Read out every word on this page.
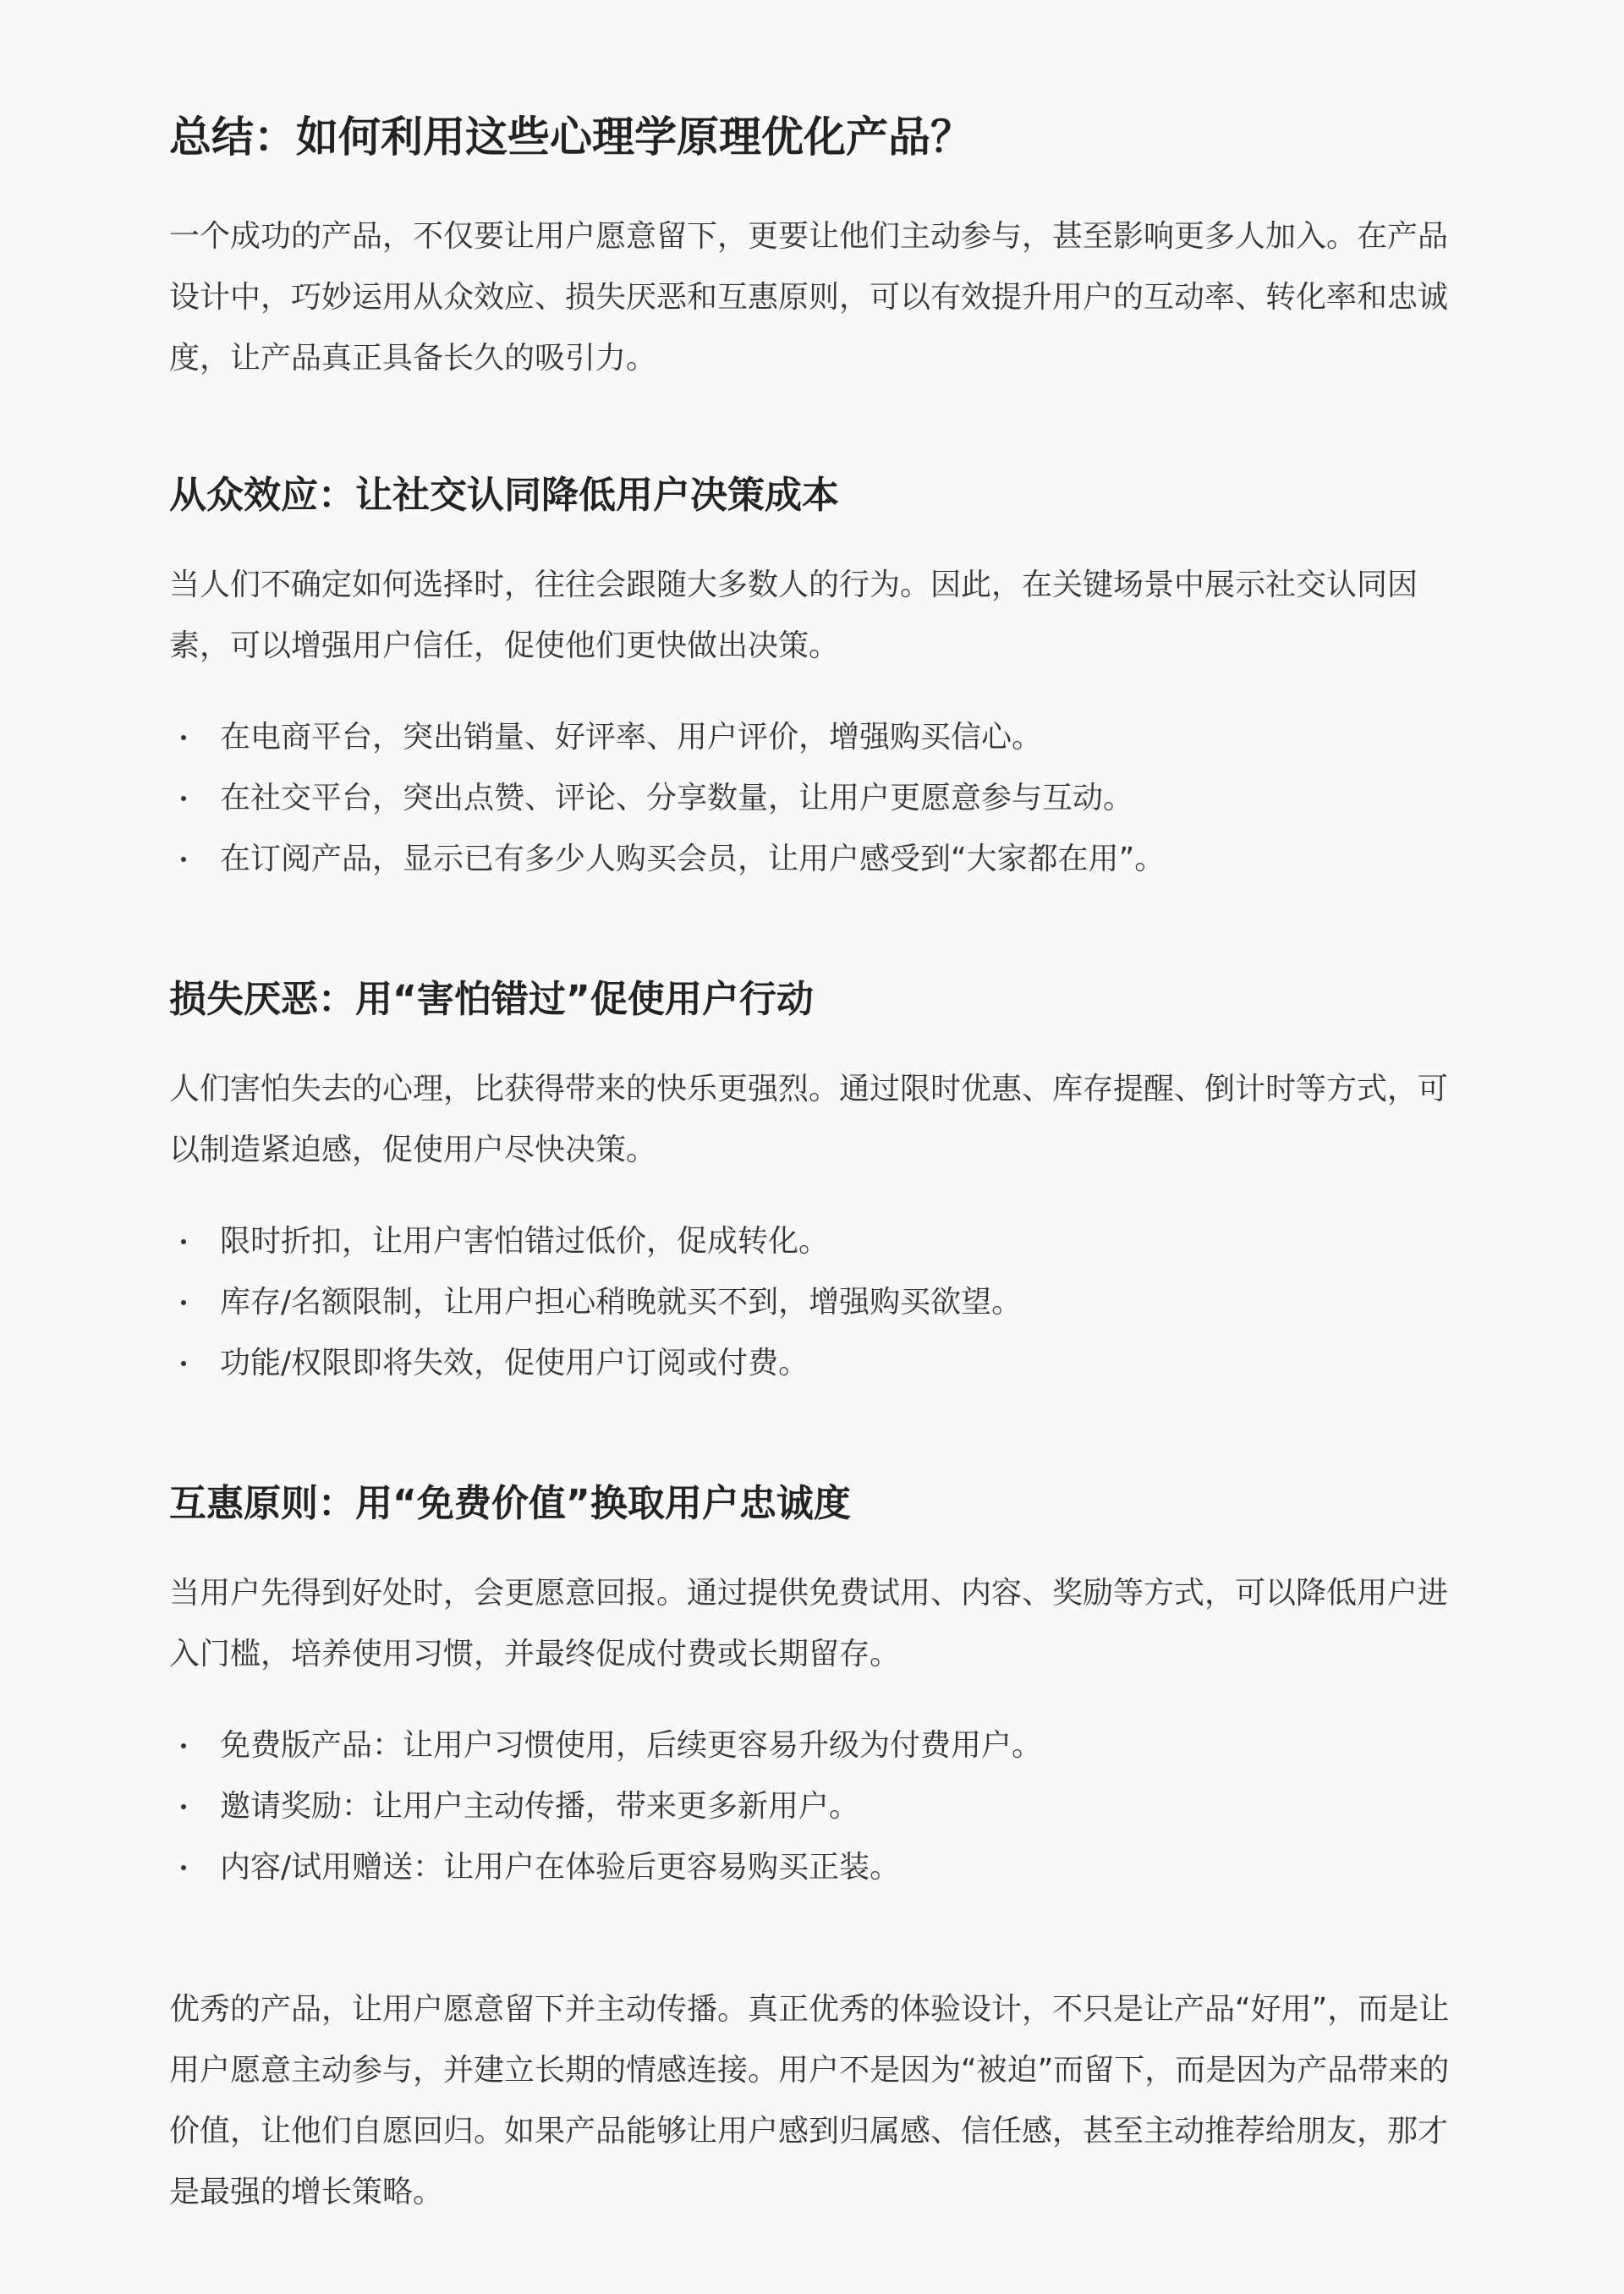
总结：如何利用这些心理学原理优化产品？

一个成功的产品，不仅要让用户愿意留下，更要让他们主动参与，甚至影响更多人加入。在产品设计中，巧妙运用从众效应、损失厌恶和互惠原则，可以有效提升用户的互动率、转化率和忠诚度，让产品真正具备长久的吸引力。

从众效应：让社交认同降低用户决策成本

当人们不确定如何选择时，往往会跟随大多数人的行为。因此，在关键场景中展示社交认同因素，可以增强用户信任，促使他们更快做出决策。

在电商平台，突出销量、好评率、用户评价，增强购买信心。
在社交平台，突出点赞、评论、分享数量，让用户更愿意参与互动。
在订阅产品，显示已有多少人购买会员，让用户感受到“大家都在用”。
损失厌恶：用“害怕错过”促使用户行动

人们害怕失去的心理，比获得带来的快乐更强烈。通过限时优惠、库存提醒、倒计时等方式，可以制造紧迫感，促使用户尽快决策。

限时折扣，让用户害怕错过低价，促成转化。
库存/名额限制，让用户担心稍晚就买不到，增强购买欲望。
功能/权限即将失效，促使用户订阅或付费。
互惠原则：用“免费价值”换取用户忠诚度

当用户先得到好处时，会更愿意回报。通过提供免费试用、内容、奖励等方式，可以降低用户进入门槛，培养使用习惯，并最终促成付费或长期留存。

免费版产品：让用户习惯使用，后续更容易升级为付费用户。
邀请奖励：让用户主动传播，带来更多新用户。
内容/试用赠送：让用户在体验后更容易购买正装。

优秀的产品，让用户愿意留下并主动传播。真正优秀的体验设计，不只是让产品“好用”，而是让用户愿意主动参与，并建立长期的情感连接。用户不是因为“被迫”而留下，而是因为产品带来的价值，让他们自愿回归。如果产品能够让用户感到归属感、信任感，甚至主动推荐给朋友，那才是最强的增长策略。
